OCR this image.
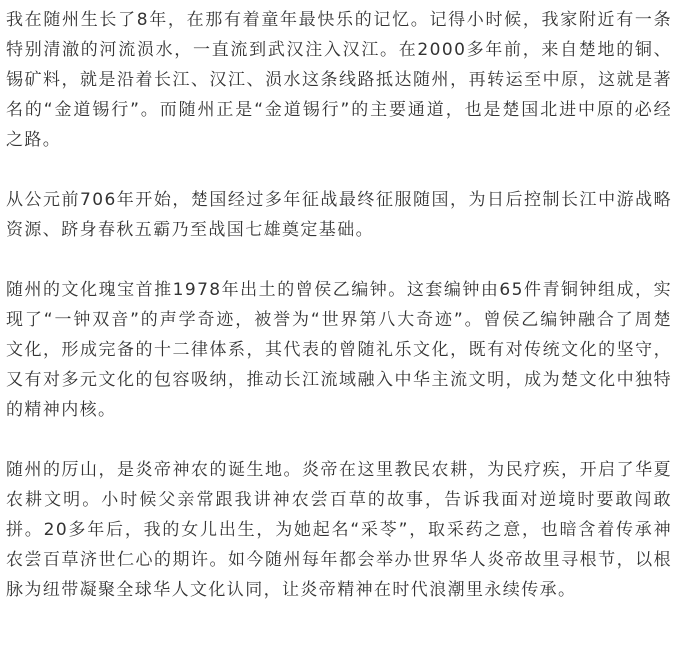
我在随州生长了8年，在那有着童年最快乐的记忆。记得小时候，我家附近有一条特别清澈的河流涢水，一直流到武汉注入汉江。在2000多年前，来自楚地的铜、锡矿料，就是沿着长江、汉江、涢水这条线路抵达随州，再转运至中原，这就是著名的“金道锡行”。而随州正是“金道锡行”的主要通道，也是楚国北进中原的必经之路。

从公元前706年开始，楚国经过多年征战最终征服随国，为日后控制长江中游战略资源、跻身春秋五霸乃至战国七雄奠定基础。

随州的文化瑰宝首推1978年出土的曾侯乙编钟。这套编钟由65件青铜钟组成，实现了“一钟双音”的声学奇迹，被誉为“世界第八大奇迹”。曾侯乙编钟融合了周楚文化，形成完备的十二律体系，其代表的曾随礼乐文化，既有对传统文化的坚守，又有对多元文化的包容吸纳，推动长江流域融入中华主流文明，成为楚文化中独特的精神内核。

随州的厉山，是炎帝神农的诞生地。炎帝在这里教民农耕，为民疗疾，开启了华夏农耕文明。小时候父亲常跟我讲神农尝百草的故事，告诉我面对逆境时要敢闯敢拼。20多年后，我的女儿出生，为她起名“采苓”，取采药之意，也暗含着传承神农尝百草济世仁心的期许。如今随州每年都会举办世界华人炎帝故里寻根节，以根脉为纽带凝聚全球华人文化认同，让炎帝精神在时代浪潮里永续传承。
